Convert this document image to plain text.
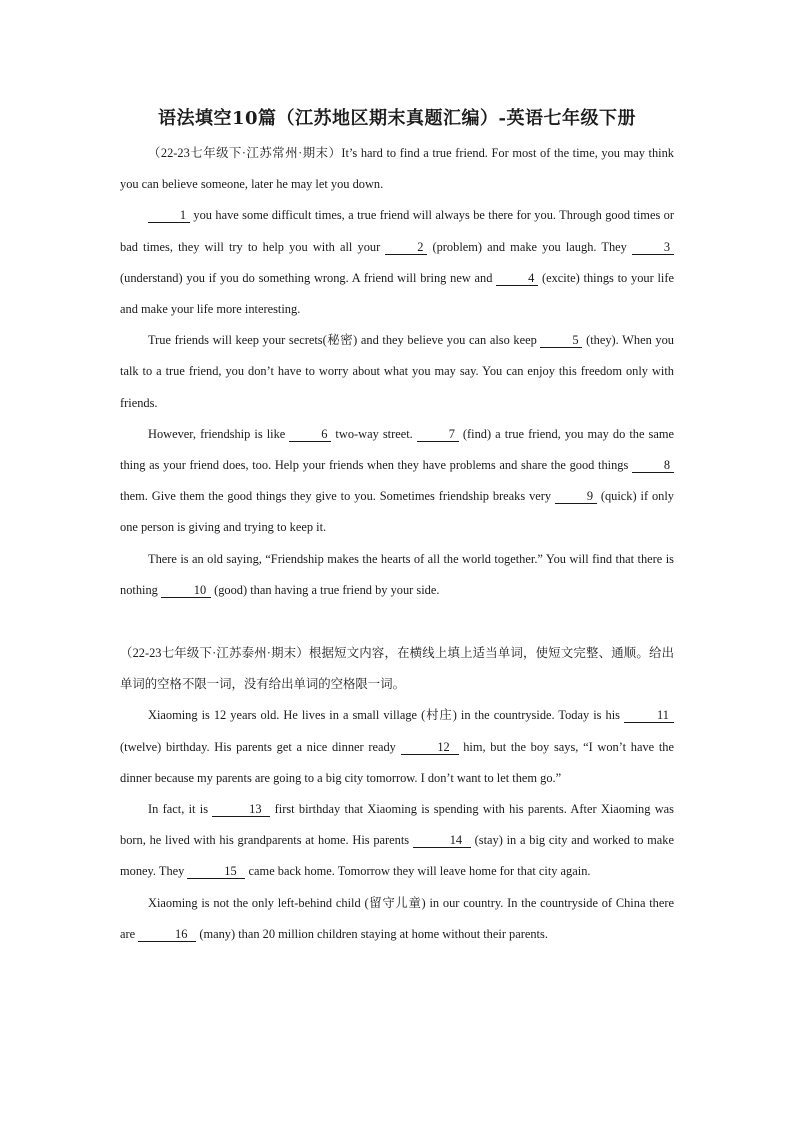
语法填空10篇（江苏地区期末真题汇编）-英语七年级下册

（22-23七年级下·江苏常州·期末）It’s hard to find a true friend. For most of the time, you may think you can believe someone, later he may let you down.

1 you have some difficult times, a true friend will always be there for you. Through good times or bad times, they will try to help you with all your	2 (problem) and make you laugh. They	3 (understand) you if you do something wrong. A friend will bring new and	4 (excite) things to your life and make your life more interesting.

True friends will keep your secrets(秘密) and they believe you can also keep	5 (they). When you talk to a true friend, you don’t have to worry about what you may say. You can enjoy this freedom only with friends.

However, friendship is like	6 two-way street.	7 (find) a true friend, you may do the same thing as your friend does, too. Help your friends when they have problems and share the good things	8 them. Give them the good things they give to you. Sometimes friendship breaks very	9 (quick) if only one person is giving and trying to keep it.

There is an old saying, “Friendship makes the hearts of all the world together.” You will find that there is nothing	10 (good) than having a true friend by your side.

（22-23七年级下·江苏泰州·期末）根据短文内容，在横线上填上适当单词，使短文完整、通顺。给出单词的空格不限一词，没有给出单词的空格限一词。

Xiaoming is 12 years old. He lives in a small village (村庄) in the countryside. Today is his	11 (twelve) birthday. His parents get a nice dinner ready	12 him, but the boy says, “I won’t have the dinner because my parents are going to a big city tomorrow. I don’t want to let them go.”

In fact, it is	13 first birthday that Xiaoming is spending with his parents. After Xiaoming was born, he lived with his grandparents at home. His parents	14 (stay) in a big city and worked to make money. They	15 came back home. Tomorrow they will leave home for that city again.

Xiaoming is not the only left-behind child (留守儿童) in our country. In the countryside of China there are	16 (many) than 20 million children staying at home without their parents.
